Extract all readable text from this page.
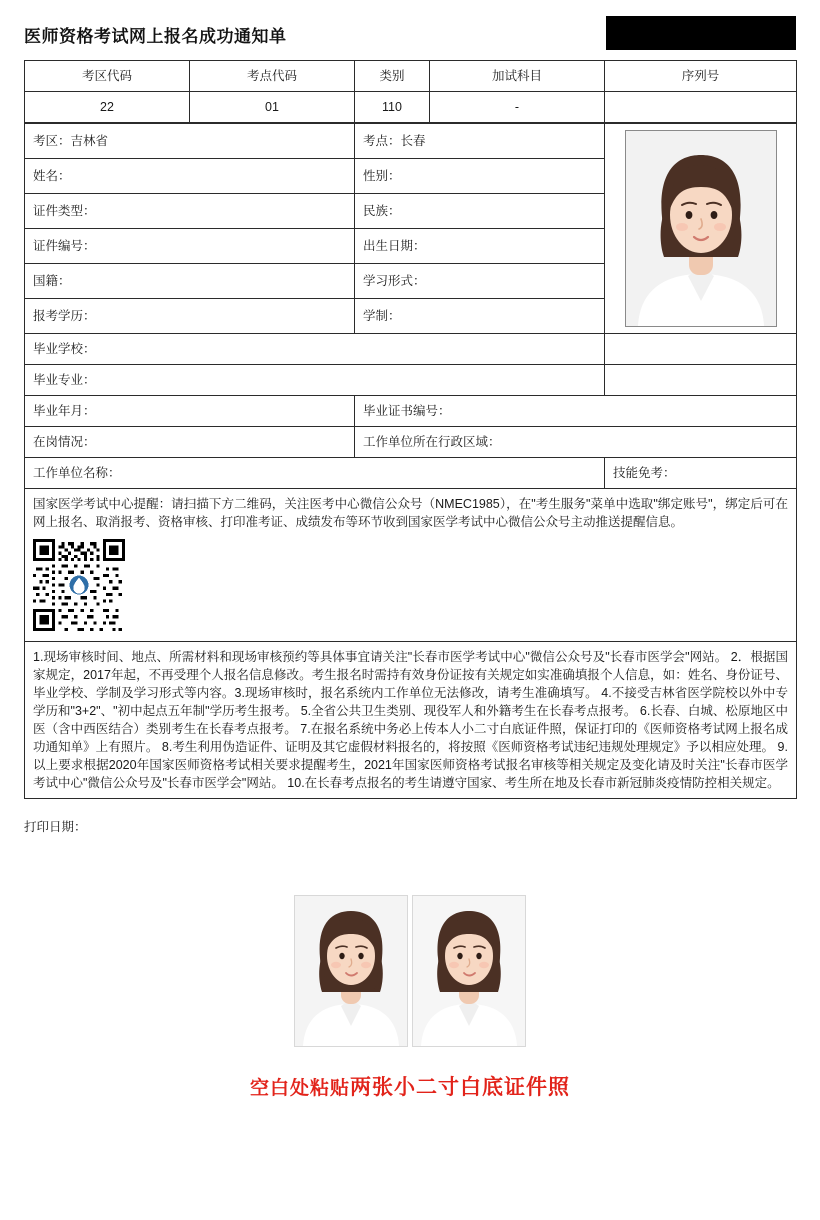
医师资格考试网上报名成功通知单
考区代码	考点代码	类别	加试科目	序列号
22	01	110	-	
考区：吉林省	考点：长春	

姓名：	性别：	
证件类型：	民族：	
证件编号：	出生日期：	
国籍：	学习形式：	
报考学历：	学制：	
毕业学校：		
毕业专业：		
毕业年月：	毕业证书编号：	
在岗情况：	工作单位所在行政区域：	
工作单位名称：		技能免考：

国家医学考试中心提醒：请扫描下方二维码，关注医考中心微信公众号（NMEC1985），在"考生服务"菜单中选取"绑定账号"，绑定后可在网上报名、取消报考、资格审核、打印准考证、成绩发布等环节收到国家医学考试中心微信公众号主动推送提醒信息。		

1.现场审核时间、地点、所需材料和现场审核预约等具体事宜请关注"长春市医学考试中心"微信公众号及"长春市医学会"网站。 2．根据国家规定，2017年起，不再受理个人报名信息修改。考生报名时需持有效身份证按有关规定如实准确填报个人信息，如：姓名、身份证号、毕业学校、学制及学习形式等内容。3.现场审核时，报名系统内工作单位无法修改，请考生准确填写。 4.不接受吉林省医学院校以外中专学历和"3+2"、"初中起点五年制"学历考生报考。 5.全省公共卫生类别、现役军人和外籍考生在长春考点报考。 6.长春、白城、松原地区中医（含中西医结合）类别考生在长春考点报考。 7.在报名系统中务必上传本人小二寸白底证件照，保证打印的《医师资格考试网上报名成功通知单》上有照片。 8.考生利用伪造证件、证明及其它虚假材料报名的，将按照《医师资格考试违纪违规处理规定》予以相应处理。 9.以上要求根据2020年国家医师资格考试相关要求提醒考生，2021年国家医师资格考试报名审核等相关规定及变化请及时关注"长春市医学考试中心"微信公众号及"长春市医学会"网站。 10.在长春考点报名的考生请遵守国家、考生所在地及长春市新冠肺炎疫情防控相关规定。		
打印日期：
空白处粘贴两张小二寸白底证件照
